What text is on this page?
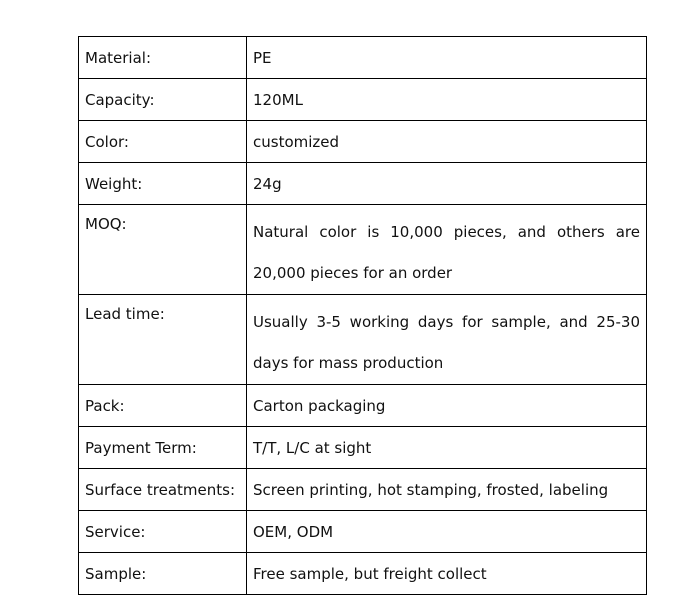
Material:	PE
Capacity:	120ML
Color:	customized
Weight:	24g
MOQ:	Natural color is 10,000 pieces, and others are 20,000 pieces for an order
Lead time:	Usually 3-5 working days for sample, and 25-30 days for mass production
Pack:	Carton packaging
Payment Term:	T/T, L/C at sight
Surface treatments:	Screen printing, hot stamping, frosted, labeling
Service:	OEM, ODM
Sample:	Free sample, but freight collect
